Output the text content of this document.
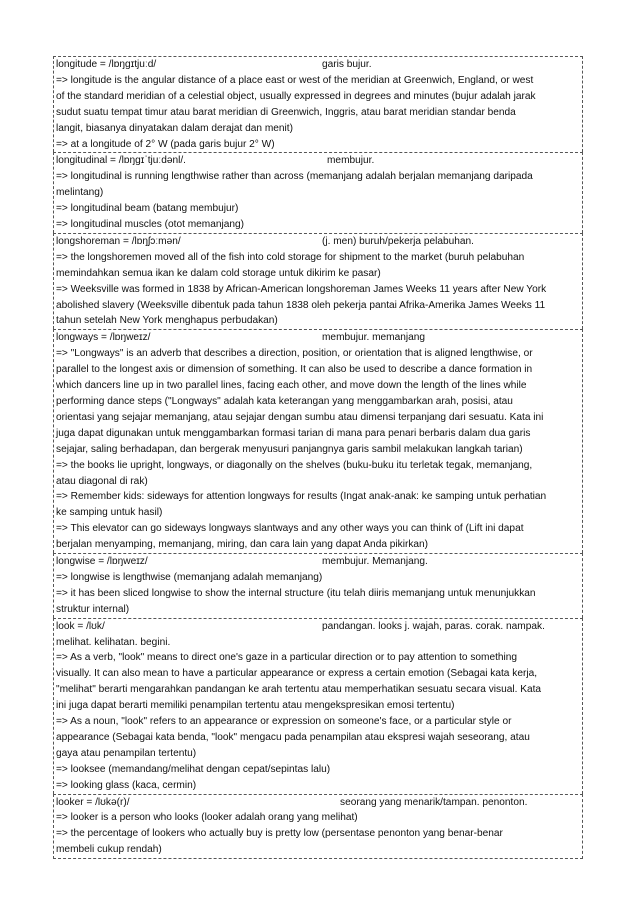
longitude = /lɒŋgɪtjuːd/	garis bujur.
=> longitude is the angular distance of a place east or west of the meridian at Greenwich, England, or west
of the standard meridian of a celestial object, usually expressed in degrees and minutes (bujur adalah jarak
sudut suatu tempat timur atau barat meridian di Greenwich, Inggris, atau barat meridian standar benda
langit, biasanya dinyatakan dalam derajat dan menit)
=> at a longitude of 2° W (pada garis bujur 2° W)
longitudinal = /lɒŋgɪˈtjuːdənl/.	membujur.
=> longitudinal is running lengthwise rather than across (memanjang adalah berjalan memanjang daripada
melintang)
=> longitudinal beam (batang membujur)
=> longitudinal muscles (otot memanjang)
longshoreman = /lɒŋʃɔːmən/	(j. men) buruh/pekerja pelabuhan.
=> the longshoremen moved all of the fish into cold storage for shipment to the market (buruh pelabuhan
memindahkan semua ikan ke dalam cold storage untuk dikirim ke pasar)
=> Weeksville was formed in 1838 by African-American longshoreman James Weeks 11 years after New York
abolished slavery (Weeksville dibentuk pada tahun 1838 oleh pekerja pantai Afrika-Amerika James Weeks 11
tahun setelah New York menghapus perbudakan)
longways = /lɒŋweɪz/	membujur. memanjang
=> "Longways" is an adverb that describes a direction, position, or orientation that is aligned lengthwise, or
parallel to the longest axis or dimension of something. It can also be used to describe a dance formation in
which dancers line up in two parallel lines, facing each other, and move down the length of the lines while
performing dance steps ("Longways" adalah kata keterangan yang menggambarkan arah, posisi, atau
orientasi yang sejajar memanjang, atau sejajar dengan sumbu atau dimensi terpanjang dari sesuatu. Kata ini
juga dapat digunakan untuk menggambarkan formasi tarian di mana para penari berbaris dalam dua garis
sejajar, saling berhadapan, dan bergerak menyusuri panjangnya garis sambil melakukan langkah tarian)
=> the books lie upright, longways, or diagonally on the shelves (buku-buku itu terletak tegak, memanjang,
atau diagonal di rak)
=> Remember kids: sideways for attention longways for results (Ingat anak-anak: ke samping untuk perhatian
ke samping untuk hasil)
=> This elevator can go sideways longways slantways and any other ways you can think of (Lift ini dapat
berjalan menyamping, memanjang, miring, dan cara lain yang dapat Anda pikirkan)
longwise = /lɒŋweɪz/	membujur. Memanjang.
=> longwise is lengthwise (memanjang adalah memanjang)
=> it has been sliced longwise to show the internal structure (itu telah diiris memanjang untuk menunjukkan
struktur internal)
look = /lʊk/	pandangan. looks j. wajah, paras. corak. nampak.
melihat. kelihatan. begini.
=> As a verb, "look" means to direct one's gaze in a particular direction or to pay attention to something
visually. It can also mean to have a particular appearance or express a certain emotion (Sebagai kata kerja,
"melihat" berarti mengarahkan pandangan ke arah tertentu atau memperhatikan sesuatu secara visual. Kata
ini juga dapat berarti memiliki penampilan tertentu atau mengekspresikan emosi tertentu)
=> As a noun, "look" refers to an appearance or expression on someone's face, or a particular style or
appearance (Sebagai kata benda, "look" mengacu pada penampilan atau ekspresi wajah seseorang, atau
gaya atau penampilan tertentu)
=> looksee (memandang/melihat dengan cepat/sepintas lalu)
=> looking glass (kaca, cermin)
looker = /lʊkə(r)/	seorang yang menarik/tampan. penonton.
=> looker is a person who looks (looker adalah orang yang melihat)
=> the percentage of lookers who actually buy is pretty low (persentase penonton yang benar-benar
membeli cukup rendah)
